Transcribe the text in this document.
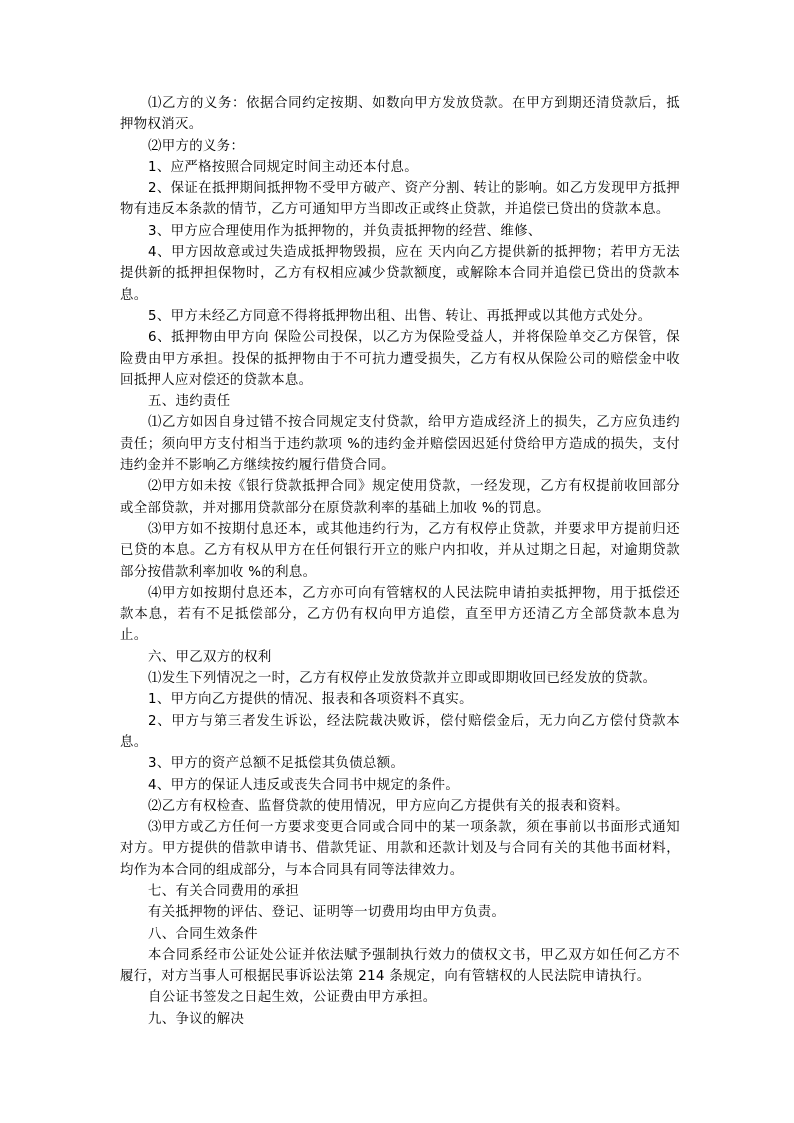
⑴乙方的义务：依据合同约定按期、如数向甲方发放贷款。在甲方到期还清贷款后，抵押物权消灭。

⑵甲方的义务：

1、应严格按照合同规定时间主动还本付息。

2、保证在抵押期间抵押物不受甲方破产、资产分割、转让的影响。如乙方发现甲方抵押物有违反本条款的情节，乙方可通知甲方当即改正或终止贷款，并追偿已贷出的贷款本息。

3、甲方应合理使用作为抵押物的，并负责抵押物的经营、维修、

4、甲方因故意或过失造成抵押物毁损，应在 天内向乙方提供新的抵押物；若甲方无法提供新的抵押担保物时，乙方有权相应减少贷款额度，或解除本合同并追偿已贷出的贷款本息。

5、甲方未经乙方同意不得将抵押物出租、出售、转让、再抵押或以其他方式处分。

6、抵押物由甲方向 保险公司投保，以乙方为保险受益人，并将保险单交乙方保管，保险费由甲方承担。投保的抵押物由于不可抗力遭受损失，乙方有权从保险公司的赔偿金中收回抵押人应对偿还的贷款本息。

五、违约责任

⑴乙方如因自身过错不按合同规定支付贷款，给甲方造成经济上的损失，乙方应负违约责任；须向甲方支付相当于违约款项 %的违约金并赔偿因迟延付贷给甲方造成的损失，支付违约金并不影响乙方继续按约履行借贷合同。

⑵甲方如未按《银行贷款抵押合同》规定使用贷款，一经发现，乙方有权提前收回部分或全部贷款，并对挪用贷款部分在原贷款利率的基础上加收 %的罚息。

⑶甲方如不按期付息还本，或其他违约行为，乙方有权停止贷款，并要求甲方提前归还已贷的本息。乙方有权从甲方在任何银行开立的账户内扣收，并从过期之日起，对逾期贷款部分按借款利率加收 %的利息。

⑷甲方如按期付息还本，乙方亦可向有管辖权的人民法院申请拍卖抵押物，用于抵偿还款本息，若有不足抵偿部分，乙方仍有权向甲方追偿，直至甲方还清乙方全部贷款本息为止。

六、甲乙双方的权利

⑴发生下列情况之一时，乙方有权停止发放贷款并立即或即期收回已经发放的贷款。

1、甲方向乙方提供的情况、报表和各项资料不真实。

2、甲方与第三者发生诉讼，经法院裁决败诉，偿付赔偿金后，无力向乙方偿付贷款本息。

3、甲方的资产总额不足抵偿其负债总额。

4、甲方的保证人违反或丧失合同书中规定的条件。

⑵乙方有权检查、监督贷款的使用情况，甲方应向乙方提供有关的报表和资料。

⑶甲方或乙方任何一方要求变更合同或合同中的某一项条款，须在事前以书面形式通知对方。甲方提供的借款申请书、借款凭证、用款和还款计划及与合同有关的其他书面材料，均作为本合同的组成部分，与本合同具有同等法律效力。

七、有关合同费用的承担

有关抵押物的评估、登记、证明等一切费用均由甲方负责。

八、合同生效条件

本合同系经市公证处公证并依法赋予强制执行效力的债权文书，甲乙双方如任何乙方不履行，对方当事人可根据民事诉讼法第 214 条规定，向有管辖权的人民法院申请执行。

自公证书签发之日起生效，公证费由甲方承担。

九、争议的解决
